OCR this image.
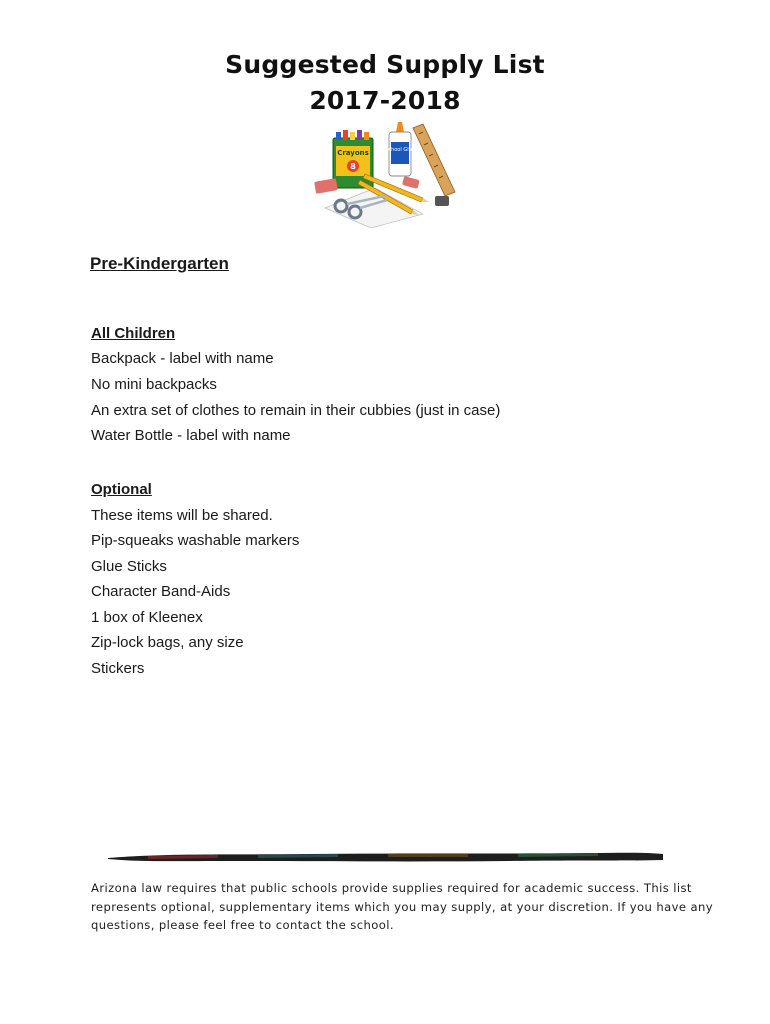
Suggested Supply List
2017-2018
Crayons
8
School Glue
Pre-Kindergarten
All Children
Backpack - label with name
No mini backpacks
An extra set of clothes to remain in their cubbies (just in case)
Water Bottle - label with name
Optional
These items will be shared.
Pip-squeaks washable markers
Glue Sticks
Character Band-Aids
1 box of Kleenex
Zip-lock bags, any size
Stickers
Arizona law requires that public schools provide supplies required for academic success. This list
represents optional, supplementary items which you may supply, at your discretion. If you have any
questions, please feel free to contact the school.
